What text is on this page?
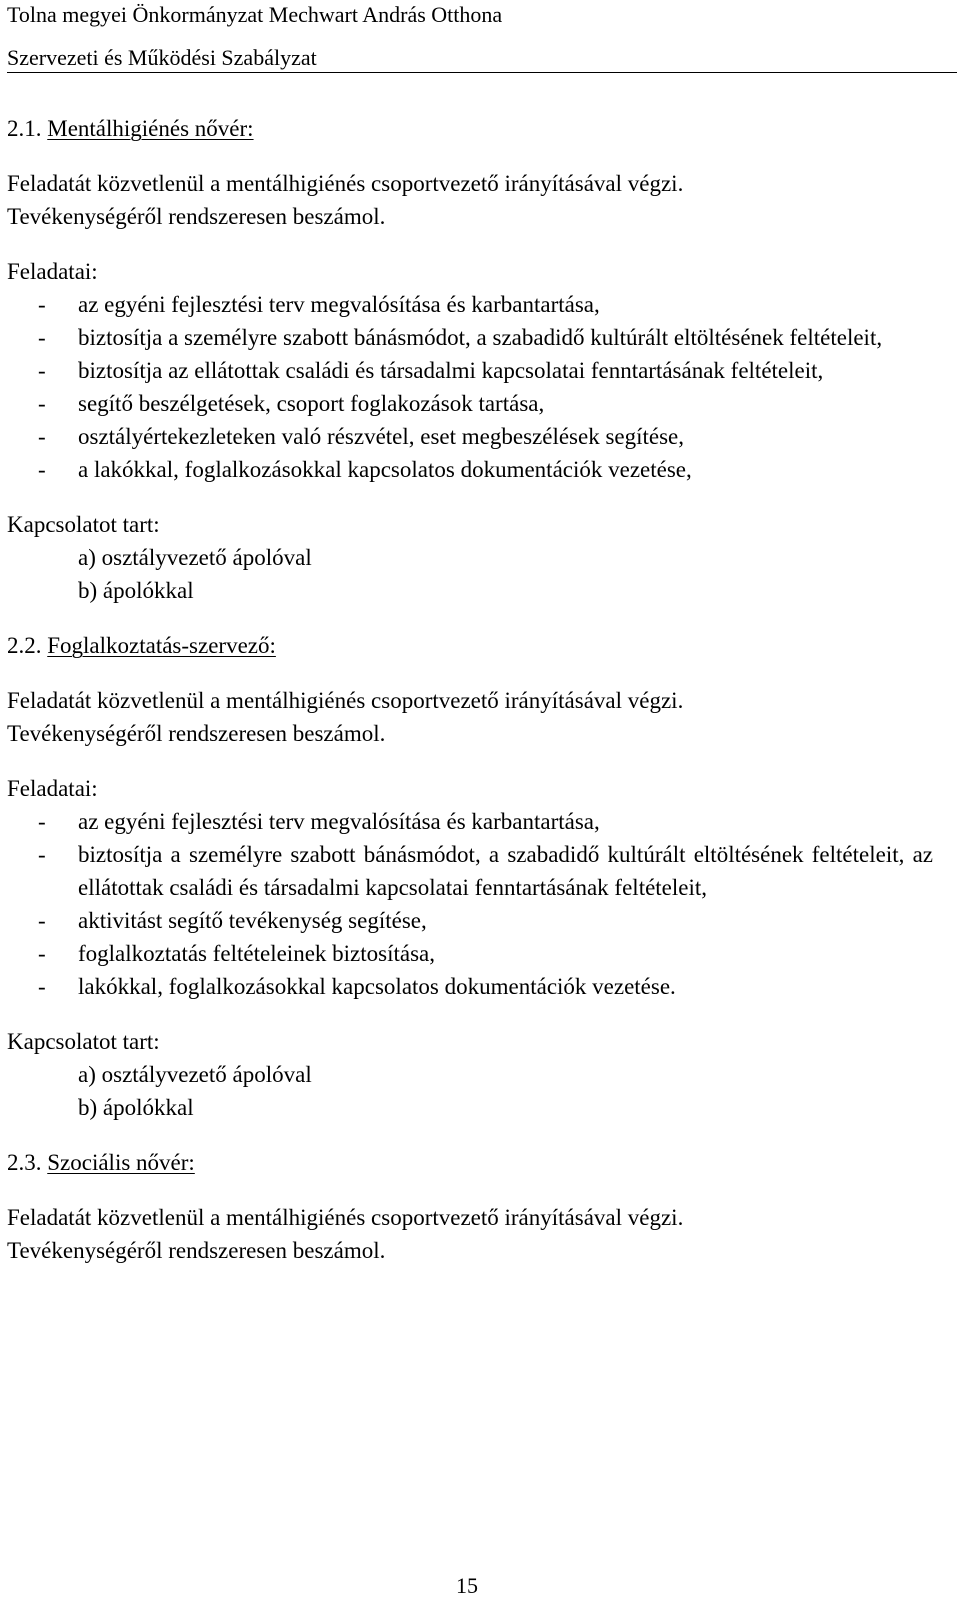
Tolna megyei Önkormányzat Mechwart András Otthona
Szervezeti és Működési Szabályzat

2.1. Mentálhigiénés nővér:

Feladatát közvetlenül a mentálhigiénés csoportvezető irányításával végzi.

Tevékenységéről rendszeresen beszámol.

Feladatai:

- az egyéni fejlesztési terv megvalósítása és karbantartása,
- biztosítja a személyre szabott bánásmódot, a szabadidő kultúrált eltöltésének feltételeit,
- biztosítja az ellátottak családi és társadalmi kapcsolatai fenntartásának feltételeit,
- segítő beszélgetések, csoport foglakozások tartása,
- osztályértekezleteken való részvétel, eset megbeszélések segítése,
- a lakókkal, foglalkozásokkal kapcsolatos dokumentációk vezetése,

Kapcsolatot tart:

a) osztályvezető ápolóval

b) ápolókkal

2.2. Foglalkoztatás-szervező:

Feladatát közvetlenül a mentálhigiénés csoportvezető irányításával végzi.

Tevékenységéről rendszeresen beszámol.

Feladatai:

- az egyéni fejlesztési terv megvalósítása és karbantartása,
- biztosítja a személyre szabott bánásmódot, a szabadidő kultúrált eltöltésének feltételeit, az ellátottak családi és társadalmi kapcsolatai fenntartásának feltételeit,
- aktivitást segítő tevékenység segítése,
- foglalkoztatás feltételeinek biztosítása,
- lakókkal, foglalkozásokkal kapcsolatos dokumentációk vezetése.

Kapcsolatot tart:

a) osztályvezető ápolóval

b) ápolókkal

2.3. Szociális nővér:

Feladatát közvetlenül a mentálhigiénés csoportvezető irányításával végzi.

Tevékenységéről rendszeresen beszámol.

15
